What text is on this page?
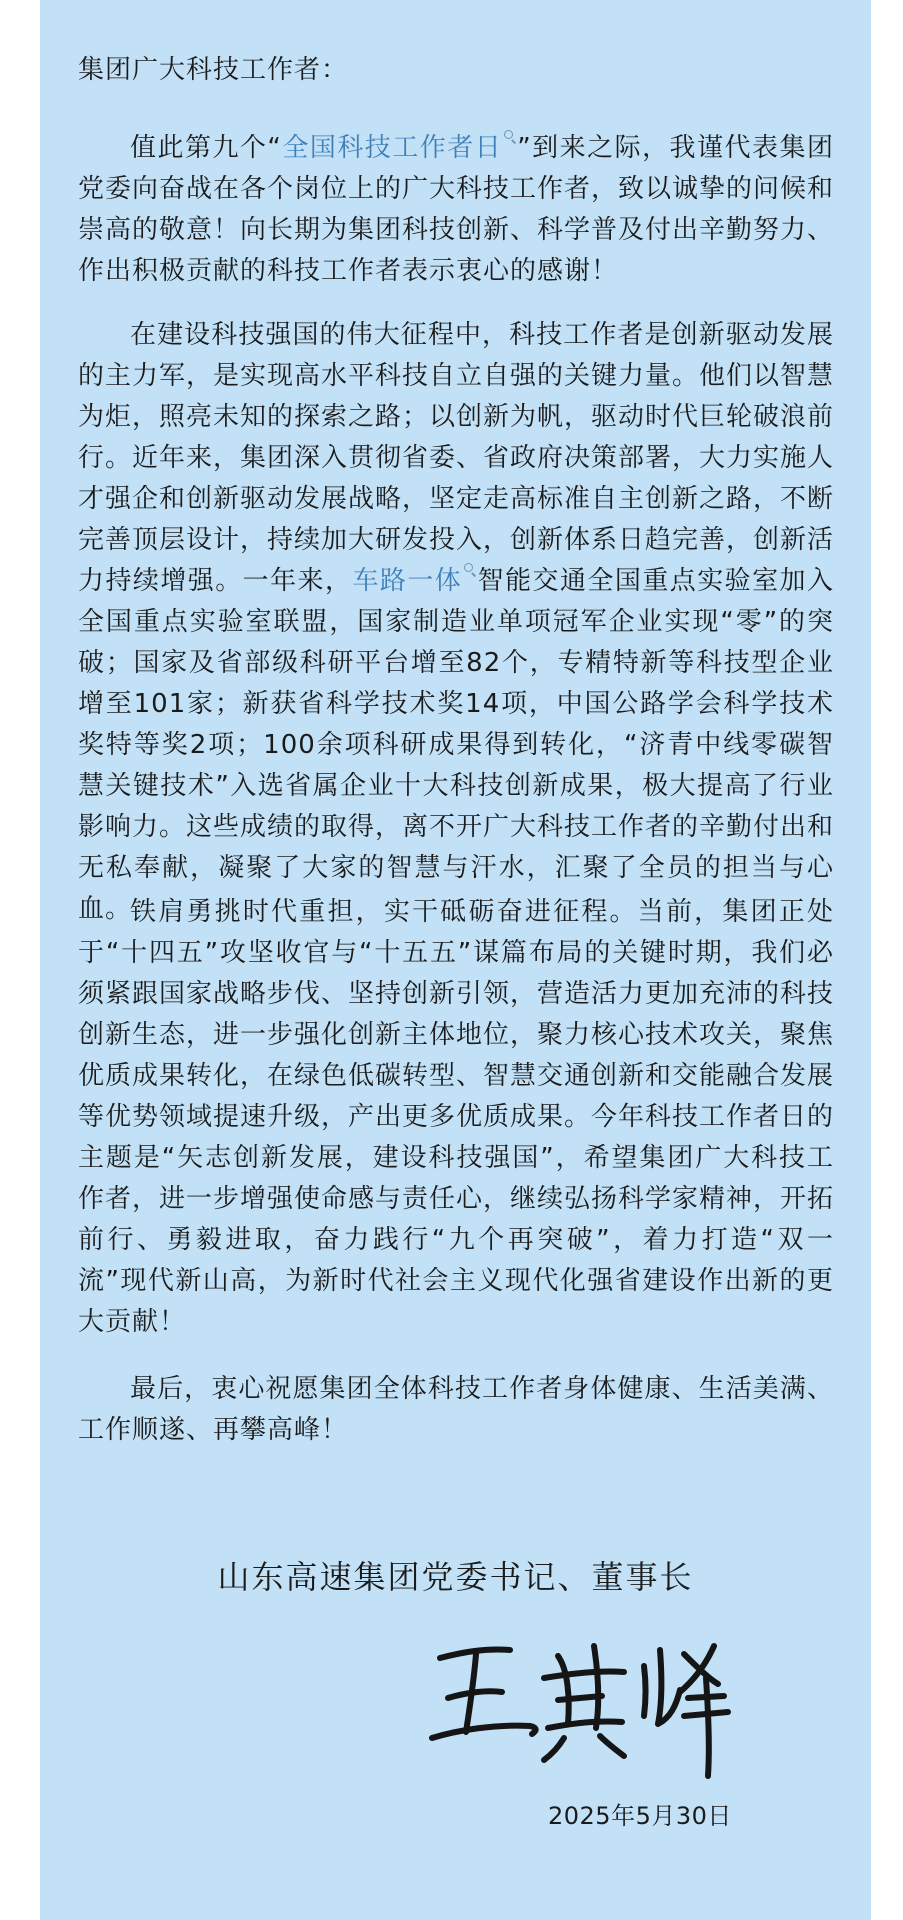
集团广大科技工作者：

值此第九个“全国科技工作者日 ”到来之际，我谨代表集团党委向奋战在各个岗位上的广大科技工作者，致以诚挚的问候和崇高的敬意！向长期为集团科技创新、科学普及付出辛勤努力、作出积极贡献的科技工作者表示衷心的感谢！

在建设科技强国的伟大征程中，科技工作者是创新驱动发展的主力军，是实现高水平科技自立自强的关键力量。他们以智慧为炬，照亮未知的探索之路；以创新为帆，驱动时代巨轮破浪前行。近年来，集团深入贯彻省委、省政府决策部署，大力实施人才强企和创新驱动发展战略，坚定走高标准自主创新之路，不断完善顶层设计，持续加大研发投入，创新体系日趋完善，创新活力持续增强。一年来，车路一体 智能交通全国重点实验室加入全国重点实验室联盟，国家制造业单项冠军企业实现“零”的突破；国家及省部级科研平台增至82个，专精特新等科技型企业增至101家；新获省科学技术奖14项，中国公路学会科学技术奖特等奖2项；100余项科研成果得到转化，“济青中线零碳智慧关键技术”入选省属企业十大科技创新成果，极大提高了行业影响力。这些成绩的取得，离不开广大科技工作者的辛勤付出和无私奉献，凝聚了大家的智慧与汗水，汇聚了全员的担当与心血。

铁肩勇挑时代重担，实干砥砺奋进征程。当前，集团正处于“十四五”攻坚收官与“十五五”谋篇布局的关键时期，我们必须紧跟国家战略步伐、坚持创新引领，营造活力更加充沛的科技创新生态，进一步强化创新主体地位，聚力核心技术攻关，聚焦优质成果转化，在绿色低碳转型、智慧交通创新和交能融合发展等优势领域提速升级，产出更多优质成果。今年科技工作者日的主题是“矢志创新发展，建设科技强国”，希望集团广大科技工作者，进一步增强使命感与责任心，继续弘扬科学家精神，开拓前行、勇毅进取，奋力践行“九个再突破”，着力打造“双一流”现代新山高，为新时代社会主义现代化强省建设作出新的更大贡献！

最后，衷心祝愿集团全体科技工作者身体健康、生活美满、工作顺遂、再攀高峰！

山东高速集团党委书记、董事长

2025年5月30日
